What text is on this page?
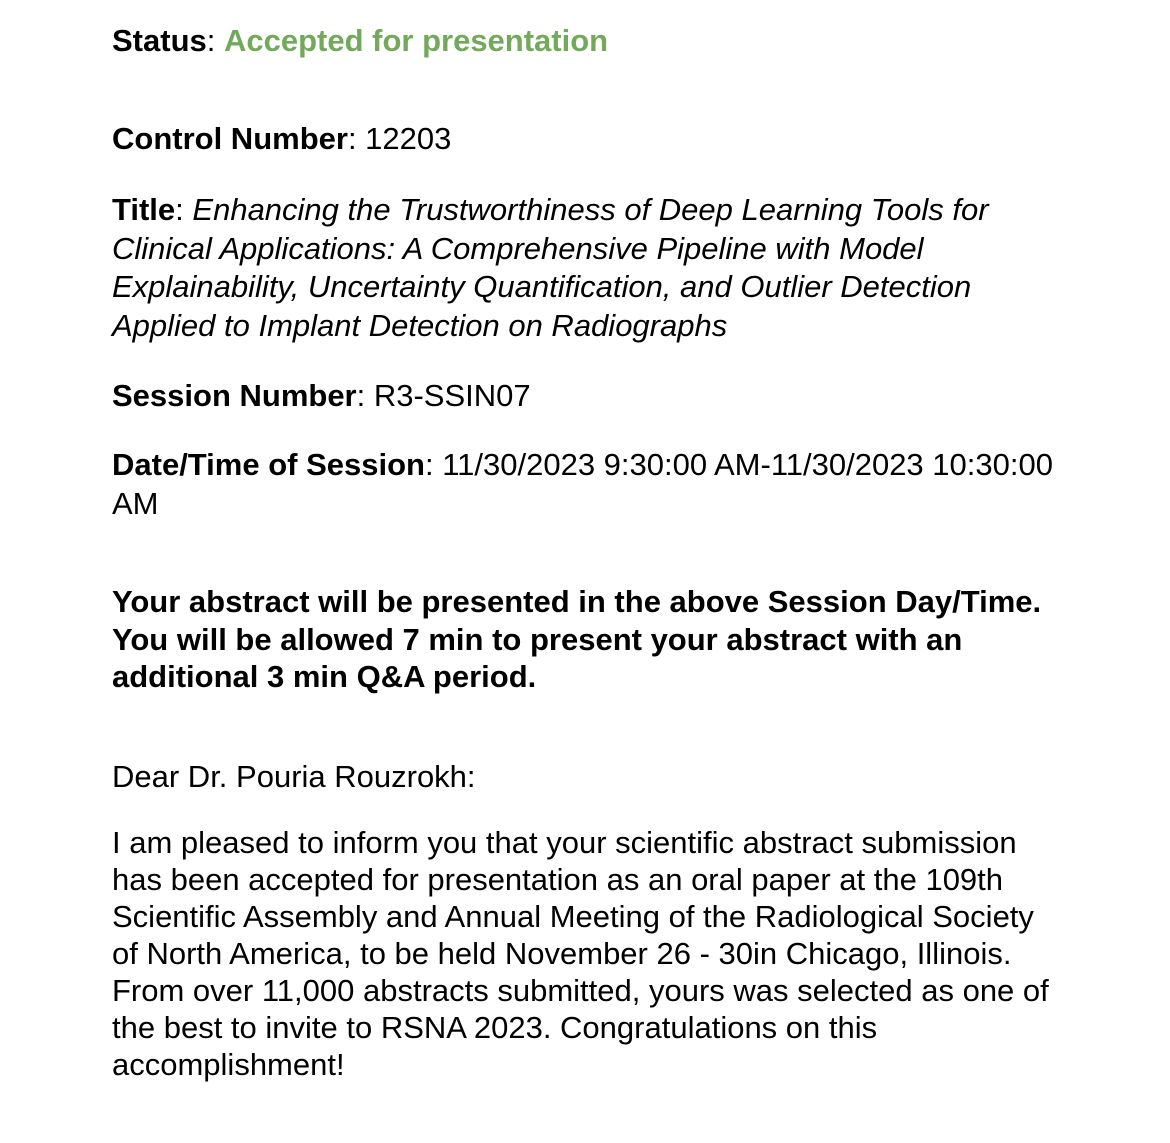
Status: Accepted for presentation

Control Number: 12203

Title: Enhancing the Trustworthiness of Deep Learning Tools for Clinical Applications: A Comprehensive Pipeline with Model Explainability, Uncertainty Quantification, and Outlier Detection Applied to Implant Detection on Radiographs

Session Number: R3-SSIN07

Date/Time of Session: 11/30/2023 9:30:00 AM-11/30/2023 10:30:00 AM

Your abstract will be presented in the above Session Day/Time. You will be allowed 7 min to present your abstract with an additional 3 min Q&A period.

Dear Dr. Pouria Rouzrokh:

I am pleased to inform you that your scientific abstract submission has been accepted for presentation as an oral paper at the 109th Scientific Assembly and Annual Meeting of the Radiological Society of North America, to be held November 26 - 30in Chicago, Illinois. From over 11,000 abstracts submitted, yours was selected as one of the best to invite to RSNA 2023. Congratulations on this accomplishment!
